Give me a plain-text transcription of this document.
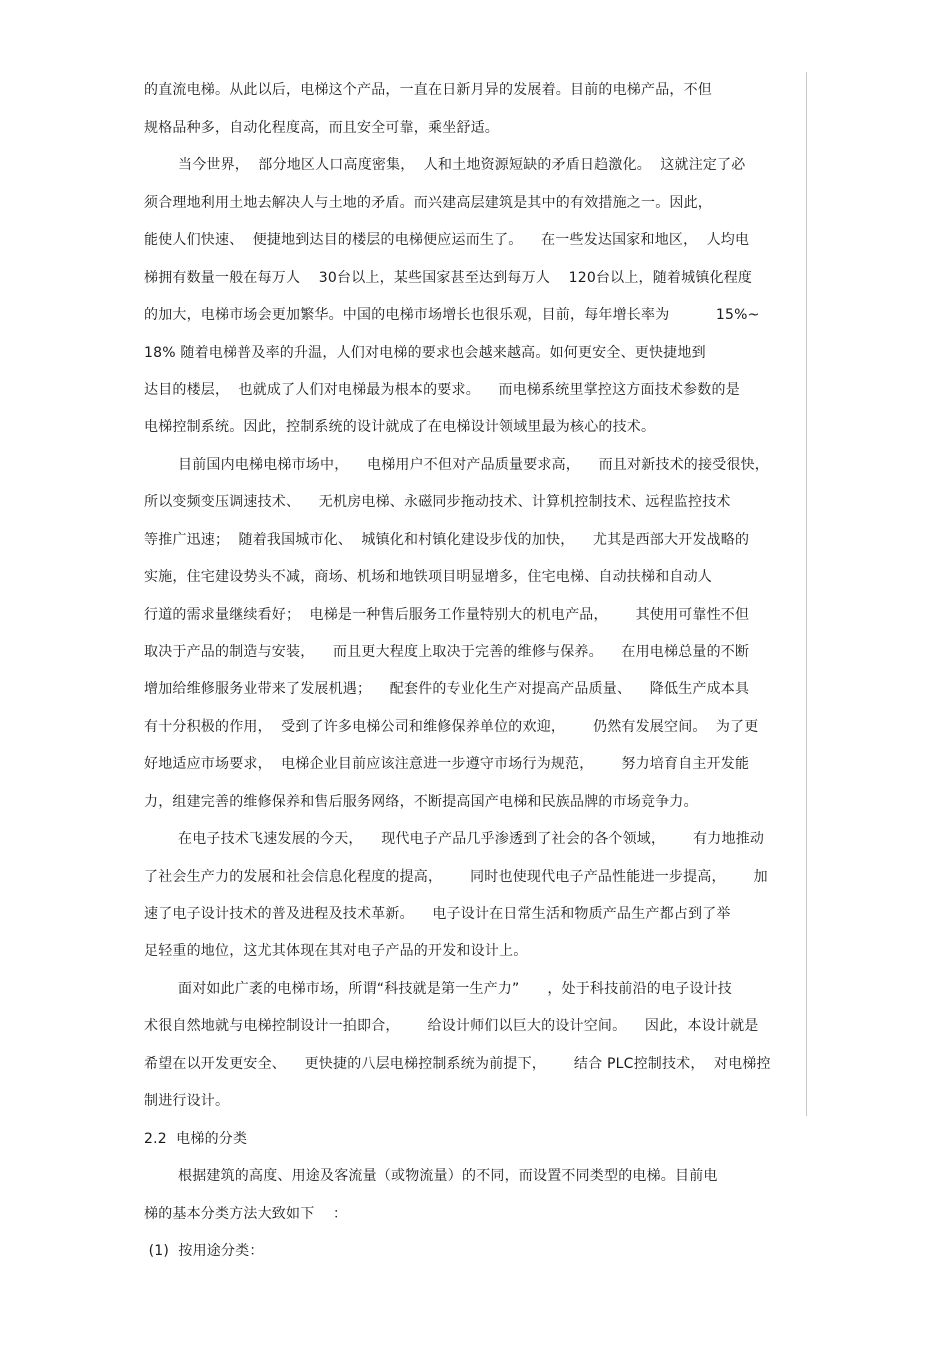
的直流电梯。从此以后，电梯这个产品，一直在日新月异的发展着。目前的电梯产品，不但
规格品种多，自动化程度高，而且安全可靠，乘坐舒适。
当今世界，  部分地区人口高度密集，  人和土地资源短缺的矛盾日趋激化。  这就注定了必
须合理地利用土地去解决人与土地的矛盾。而兴建高层建筑是其中的有效措施之一。因此，
能使人们快速、  便捷地到达目的楼层的电梯便应运而生了。    在一些发达国家和地区，  人均电
梯拥有数量一般在每万人    30台以上，某些国家甚至达到每万人    120台以上，随着城镇化程度
的加大，电梯市场会更加繁华。中国的电梯市场增长也很乐观，目前，每年增长率为          15%~
18% 随着电梯普及率的升温，人们对电梯的要求也会越来越高。如何更安全、更快捷地到
达目的楼层，  也就成了人们对电梯最为根本的要求。    而电梯系统里掌控这方面技术参数的是
电梯控制系统。因此，控制系统的设计就成了在电梯设计领域里最为核心的技术。
目前国内电梯电梯市场中，    电梯用户不但对产品质量要求高，    而且对新技术的接受很快，
所以变频变压调速技术、    无机房电梯、永磁同步拖动技术、计算机控制技术、远程监控技术
等推广迅速；  随着我国城市化、  城镇化和村镇化建设步伐的加快，    尤其是西部大开发战略的
实施，住宅建设势头不减，商场、机场和地铁项目明显增多，住宅电梯、自动扶梯和自动人
行道的需求量继续看好；  电梯是一种售后服务工作量特别大的机电产品，      其使用可靠性不但
取决于产品的制造与安装，    而且更大程度上取决于完善的维修与保养。    在用电梯总量的不断
增加给维修服务业带来了发展机遇；    配套件的专业化生产对提高产品质量、    降低生产成本具
有十分积极的作用，  受到了许多电梯公司和维修保养单位的欢迎，      仍然有发展空间。  为了更
好地适应市场要求，  电梯企业目前应该注意进一步遵守市场行为规范，      努力培育自主开发能
力，组建完善的维修保养和售后服务网络，不断提高国产电梯和民族品牌的市场竞争力。
在电子技术飞速发展的今天，    现代电子产品几乎渗透到了社会的各个领域，      有力地推动
了社会生产力的发展和社会信息化程度的提高，      同时也使现代电子产品性能进一步提高，      加
速了电子设计技术的普及进程及技术革新。    电子设计在日常生活和物质产品生产都占到了举
足轻重的地位，这尤其体现在其对电子产品的开发和设计上。
面对如此广袤的电梯市场，所谓“科技就是第一生产力”      ，处于科技前沿的电子设计技
术很自然地就与电梯控制设计一拍即合，      给设计师们以巨大的设计空间。    因此，本设计就是
希望在以开发更安全、    更快捷的八层电梯控制系统为前提下，      结合 PLC控制技术，  对电梯控
制进行设计。
2.2  电梯的分类
根据建筑的高度、用途及客流量（或物流量）的不同，而设置不同类型的电梯。目前电
梯的基本分类方法大致如下    ：
(1)  按用途分类：
